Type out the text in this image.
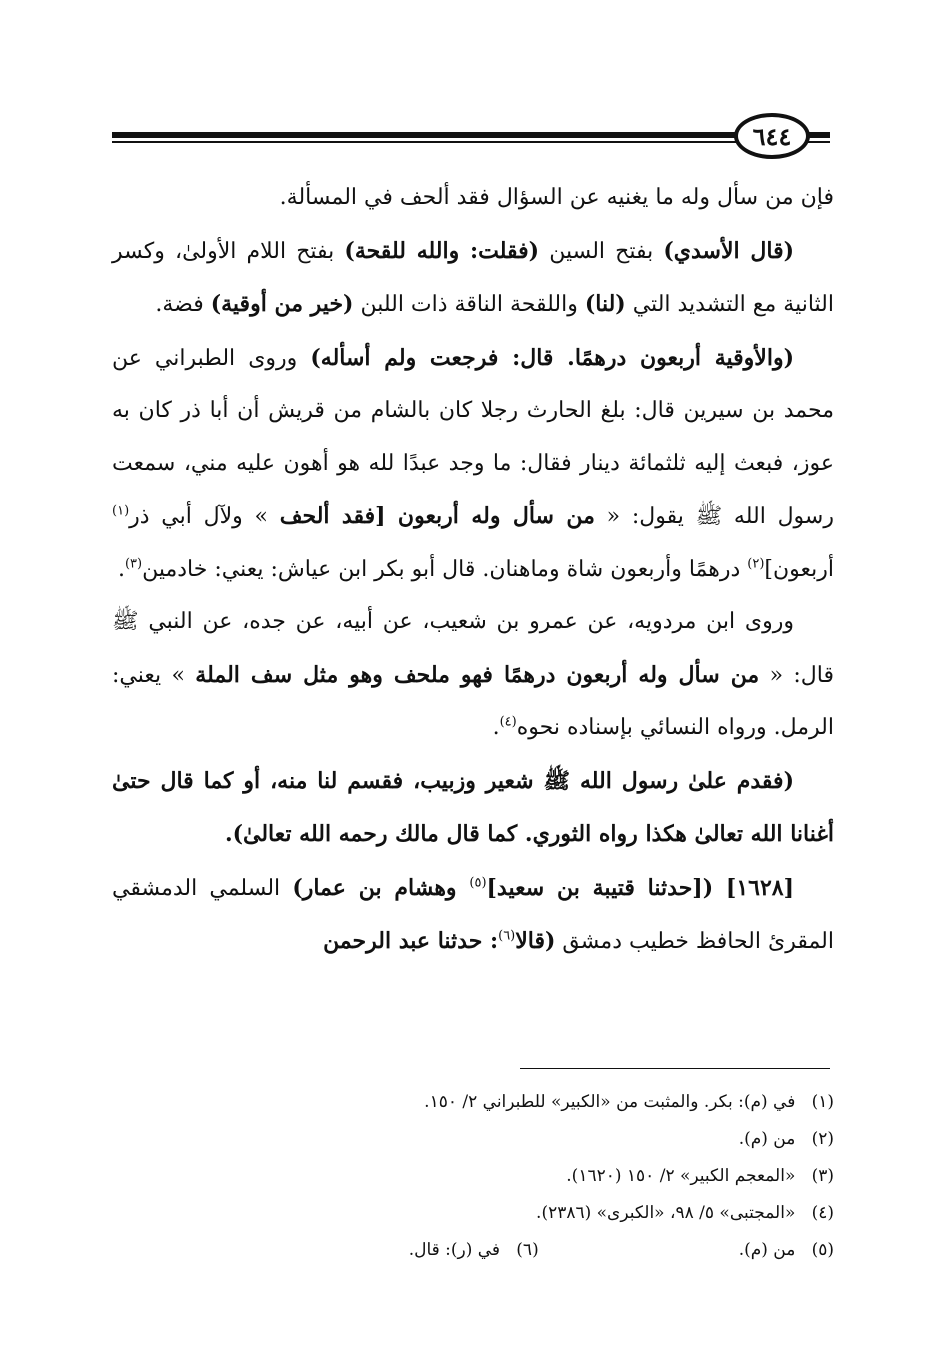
٦٤٤

فإن من سأل وله ما يغنيه عن السؤال فقد ألحف في المسألة.

(قال الأسدي) بفتح السين (فقلت: والله للقحة) بفتح اللام الأولىٰ، وكسر الثانية مع التشديد التي (لنا) واللقحة الناقة ذات اللبن (خير من أوقية) فضة.

(والأوقية أربعون درهمًا. قال: فرجعت ولم أسأله) وروى الطبراني عن محمد بن سيرين قال: بلغ الحارث رجلا كان بالشام من قريش أن أبا ذر كان به عوز، فبعث إليه ثلثمائة دينار فقال: ما وجد عبدًا لله هو أهون عليه مني، سمعت رسول الله ﷺ يقول: « من سأل وله أربعون [فقد ألحف » ولآل أبي ذر$^{(١)}$ أربعون]$^{(٢)}$ درهمًا وأربعون شاة وماهنان. قال أبو بكر ابن عياش: يعني: خادمين$^{(٣)}$.

وروى ابن مردويه، عن عمرو بن شعيب، عن أبيه، عن جده، عن النبي ﷺ قال: « من سأل وله أربعون درهمًا فهو ملحف وهو مثل سف الملة » يعني: الرمل. ورواه النسائي بإسناده نحوه$^{(٤)}$.

(فقدم علىٰ رسول الله ﷺ شعير وزبيب، فقسم لنا منه، أو كما قال حتىٰ أغنانا الله تعالىٰ هكذا رواه الثوري. كما قال مالك رحمه الله تعالىٰ).

[١٦٢٨] ([حدثنا قتيبة بن سعيد]$^{(٥)}$ وهشام بن عمار) السلمي الدمشقي المقرئ الحافظ خطيب دمشق (قالا$^{(٦)}$: حدثنا عبد الرحمن

(١)   في (م): بكر. والمثبت من «الكبير» للطبراني ٢/ ١٥٠.
(٢)   من (م).
(٣)   «المعجم الكبير» ٢/ ١٥٠ (١٦٢٠).
(٤)   «المجتبى» ٥/ ٩٨، «الكبرى» (٢٣٨٦).
(٥)   من (م).
(٦)   في (ر): قال.
